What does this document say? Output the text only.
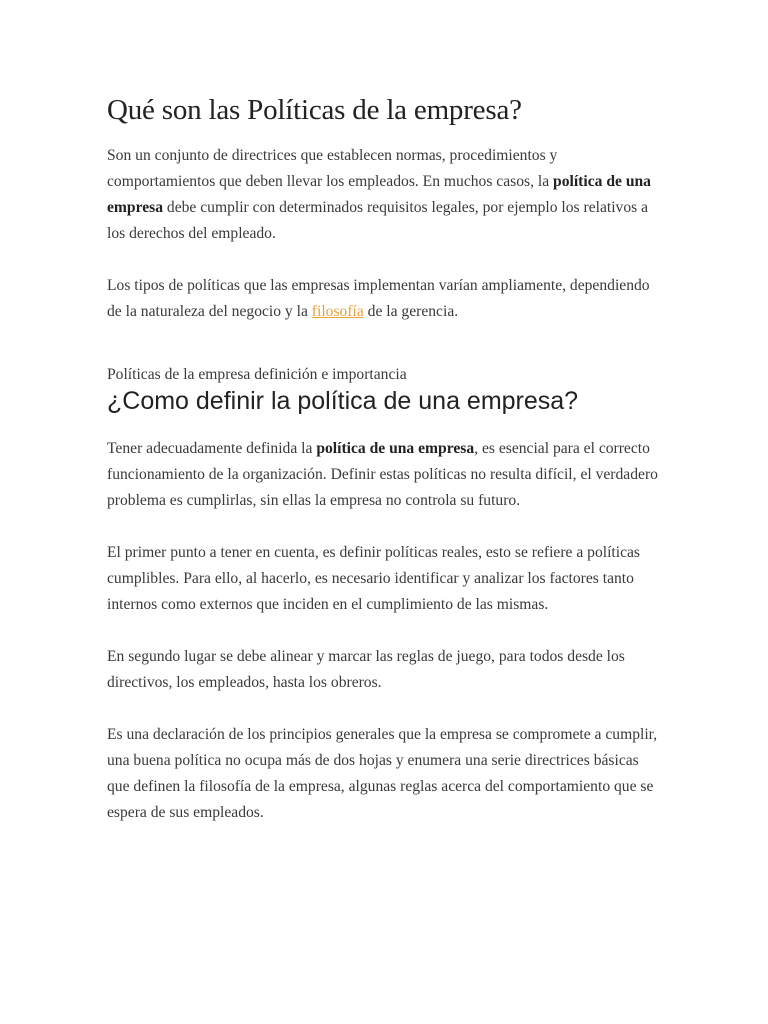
Qué son las Políticas de la empresa?

Son un conjunto de directrices que establecen normas, procedimientos y comportamientos que deben llevar los empleados. En muchos casos, la política de una empresa debe cumplir con determinados requisitos legales, por ejemplo los relativos a los derechos del empleado.

Los tipos de políticas que las empresas implementan varían ampliamente, dependiendo de la naturaleza del negocio y la filosofía de la gerencia.

Políticas de la empresa definición e importancia

¿Como definir la política de una empresa?

Tener adecuadamente definida la política de una empresa, es esencial para el correcto funcionamiento de la organización. Definir estas políticas no resulta difícil, el verdadero problema es cumplirlas, sin ellas la empresa no controla su futuro.

El primer punto a tener en cuenta, es definir políticas reales, esto se refiere a políticas cumplibles. Para ello, al hacerlo, es necesario identificar y analizar los factores tanto internos como externos que inciden en el cumplimiento de las mismas.

En segundo lugar se debe alinear y marcar las reglas de juego, para todos desde los directivos, los empleados, hasta los obreros.

Es una declaración de los principios generales que la empresa se compromete a cumplir, una buena política no ocupa más de dos hojas y enumera una serie directrices básicas que definen la filosofía de la empresa, algunas reglas acerca del comportamiento que se espera de sus empleados.
